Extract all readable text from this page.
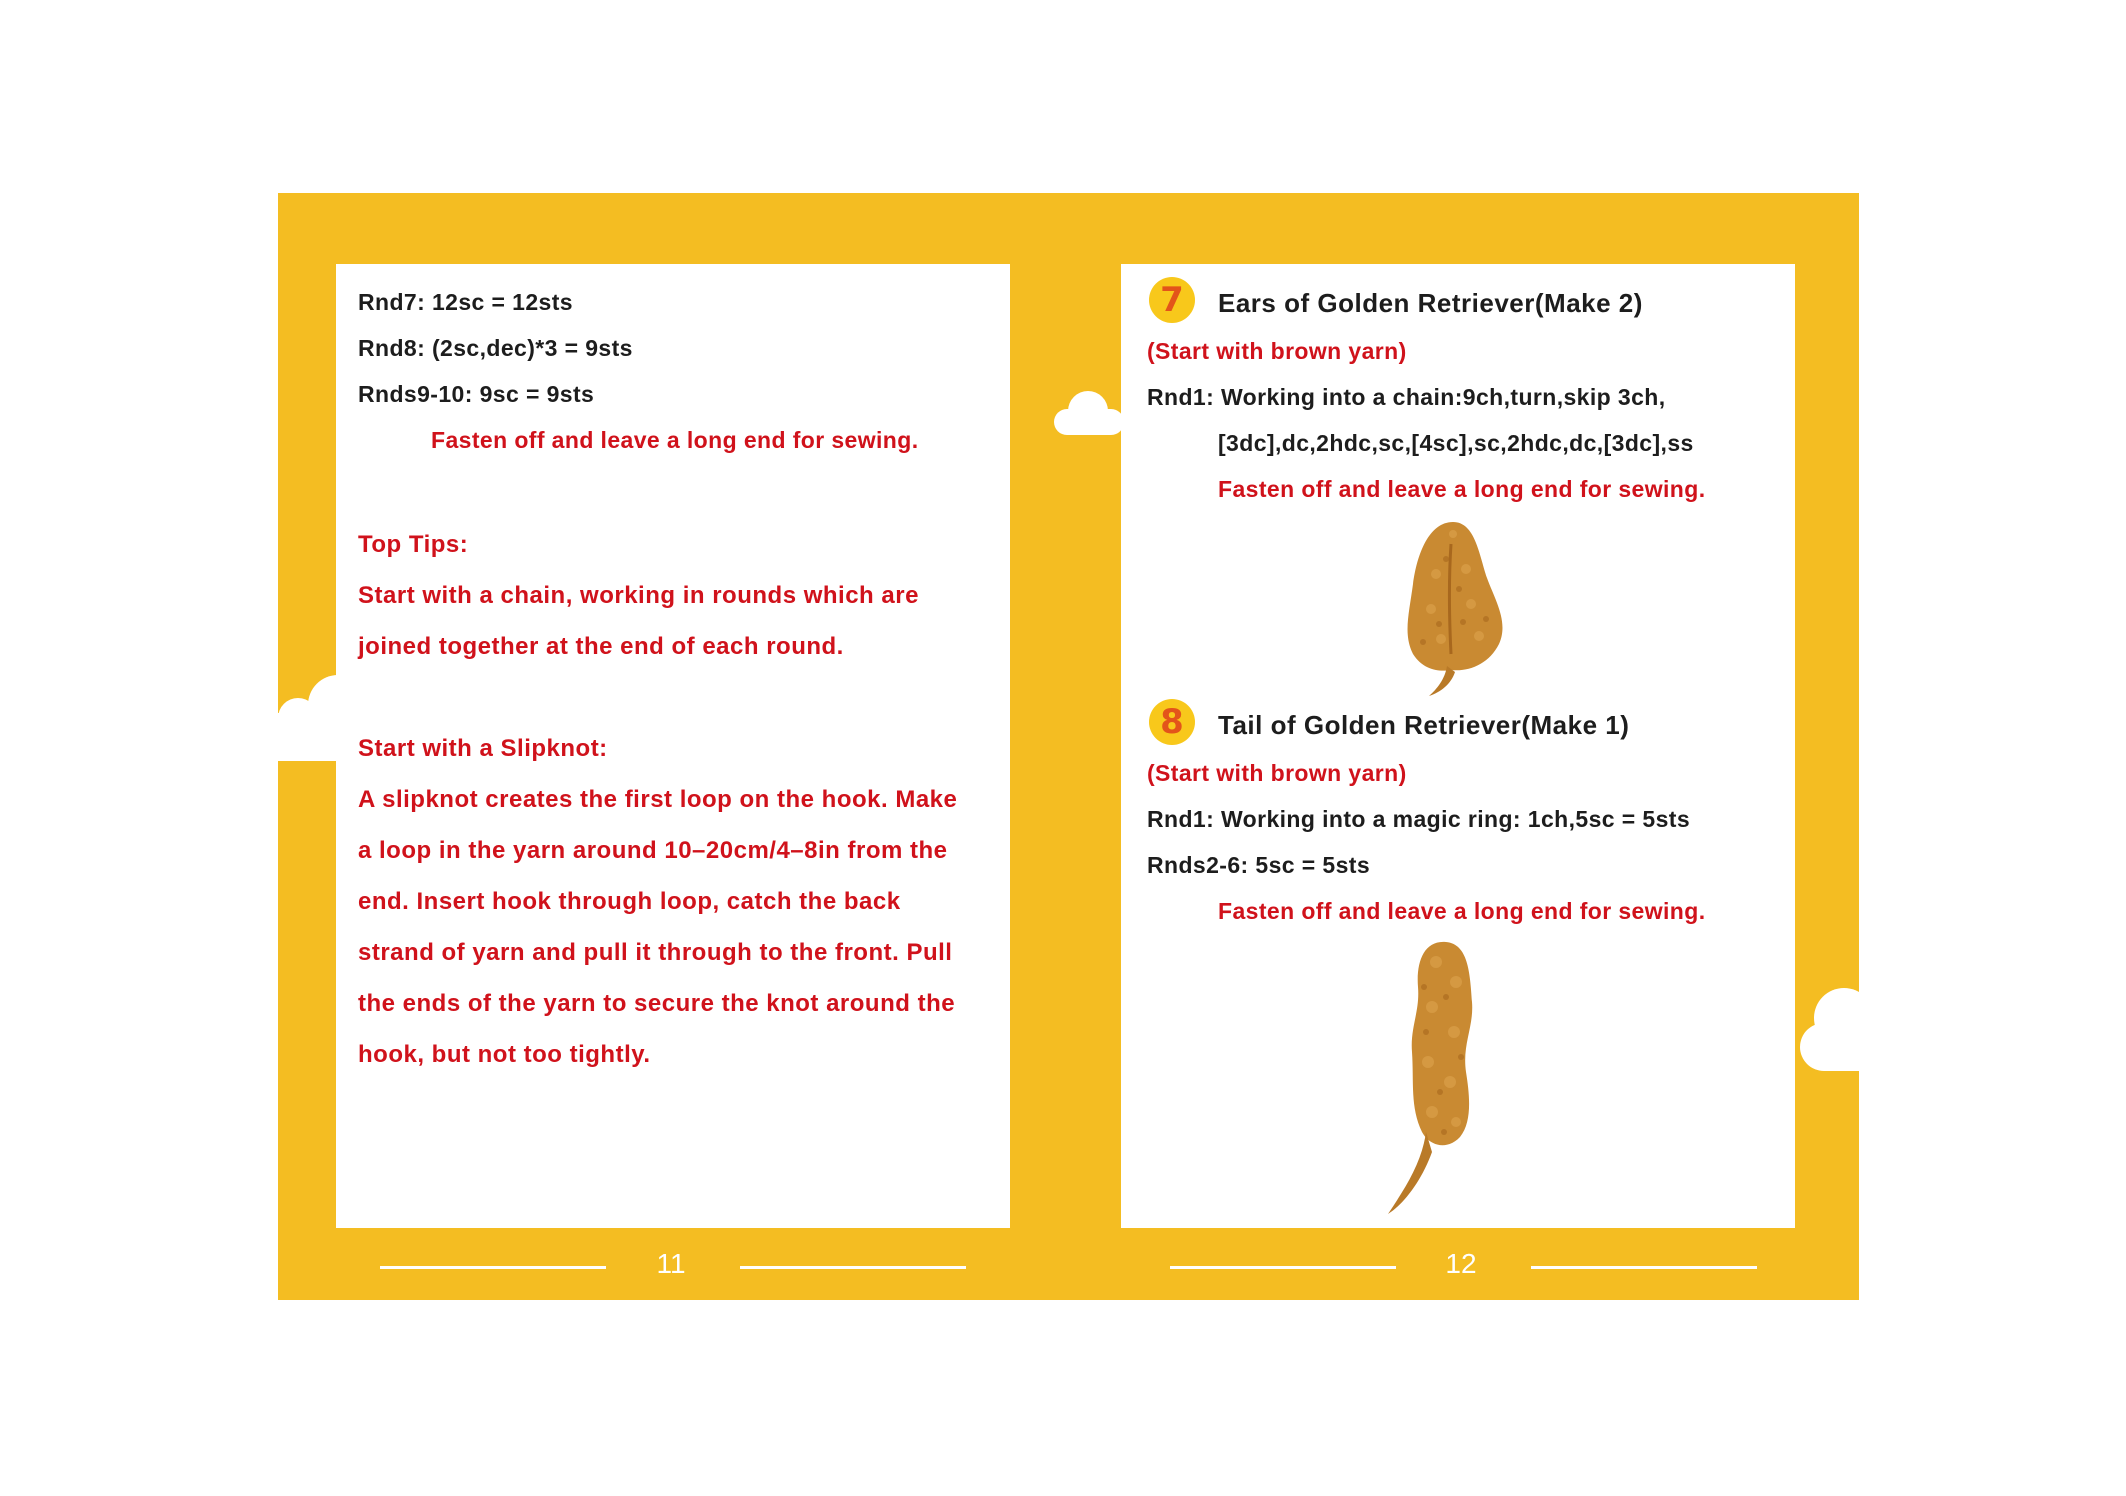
Rnd7: 12sc = 12sts
Rnd8: (2sc,dec)*3 = 9sts
Rnds9-10: 9sc = 9sts
Fasten off and leave a long end for sewing.
Top Tips:
Start with a chain, working in rounds which are
joined together at the end of each round.
Start with a Slipknot:
A slipknot creates the first loop on the hook. Make
a loop in the yarn around 10–20cm/4–8in from the
end. Insert hook through loop, catch the back
strand of yarn and pull it through to the front. Pull
the ends of the yarn to secure the knot around the
hook, but not too tightly.
7	Ears of Golden Retriever(Make 2)
(Start with brown yarn)
Rnd1: Working into a chain:9ch,turn,skip 3ch,
[3dc],dc,2hdc,sc,[4sc],sc,2hdc,dc,[3dc],ss
Fasten off and leave a long end for sewing.
8	Tail of Golden Retriever(Make 1)
(Start with brown yarn)
Rnd1: Working into a magic ring: 1ch,5sc = 5sts
Rnds2-6: 5sc = 5sts
Fasten off and leave a long end for sewing.
11	12
